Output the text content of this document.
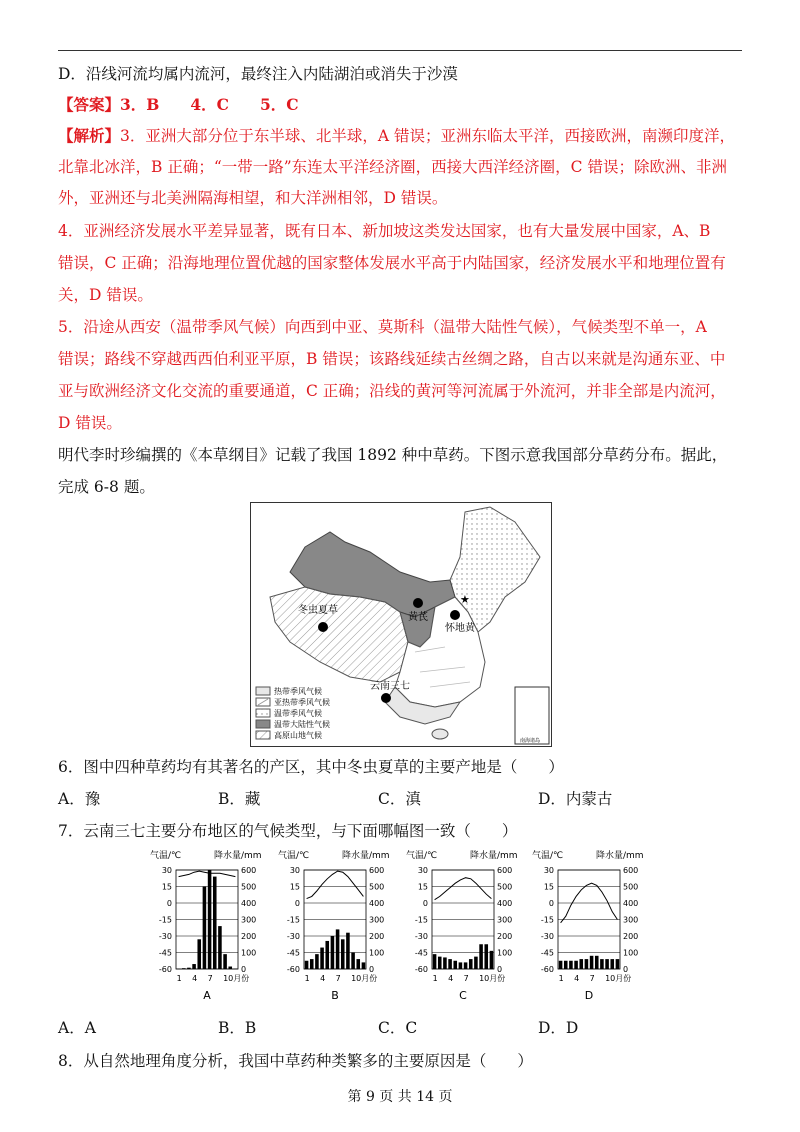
D．沿线河流均属内流河，最终注入内陆湖泊或消失于沙漠
【答案】3．B　　4．C　　5．C
【解析】3．亚洲大部分位于东半球、北半球，A 错误；亚洲东临太平洋，西接欧洲，南濒印度洋，
北靠北冰洋，B 正确；“一带一路”东连太平洋经济圈，西接大西洋经济圈，C 错误；除欧洲、非洲
外，亚洲还与北美洲隔海相望，和大洋洲相邻，D 错误。
4．亚洲经济发展水平差异显著，既有日本、新加坡这类发达国家，也有大量发展中国家，A、B
错误，C 正确；沿海地理位置优越的国家整体发展水平高于内陆国家，经济发展水平和地理位置有
关，D 错误。
5．沿途从西安（温带季风气候）向西到中亚、莫斯科（温带大陆性气候），气候类型不单一，A
错误；路线不穿越西西伯利亚平原，B 错误；该路线延续古丝绸之路，自古以来就是沟通东亚、中
亚与欧洲经济文化交流的重要通道，C 正确；沿线的黄河等河流属于外流河，并非全部是内流河，
D 错误。
明代李时珍编撰的《本草纲目》记载了我国 1892 种中草药。下图示意我国部分草药分布。据此，
完成 6-8 题。
冬虫夏草
黄芪
怀地黄
★
云南三七
热带季风气候
亚热带季风气候
温带季风气候
温带大陆性气候
高原山地气候
南海诸岛
6．图中四种草药均有其著名的产区，其中冬虫夏草的主要产地是（　　）
A．豫	B．藏	C．滇	D．内蒙古
7．云南三七主要分布地区的气候类型，与下面哪幅图一致（　　）
气温/℃	降水量/mm
30
15
0
-15
-30
-45
-60
600
500
400
300
200
100
0
1 4 7 10月份
A
气温/℃	降水量/mm
30
15
0
-15
-30
-45
-60
600
500
400
300
200
100
0
1 4 7 10月份
B
气温/℃	降水量/mm
30
15
0
-15
-30
-45
-60
600
500
400
300
200
100
0
1 4 7 10月份
C
气温/℃	降水量/mm
30
15
0
-15
-30
-45
-60
600
500
400
300
200
100
0
1 4 7 10月份
D
A．A	B．B	C．C	D．D
8．从自然地理角度分析，我国中草药种类繁多的主要原因是（　　）
第 9 页 共 14 页
